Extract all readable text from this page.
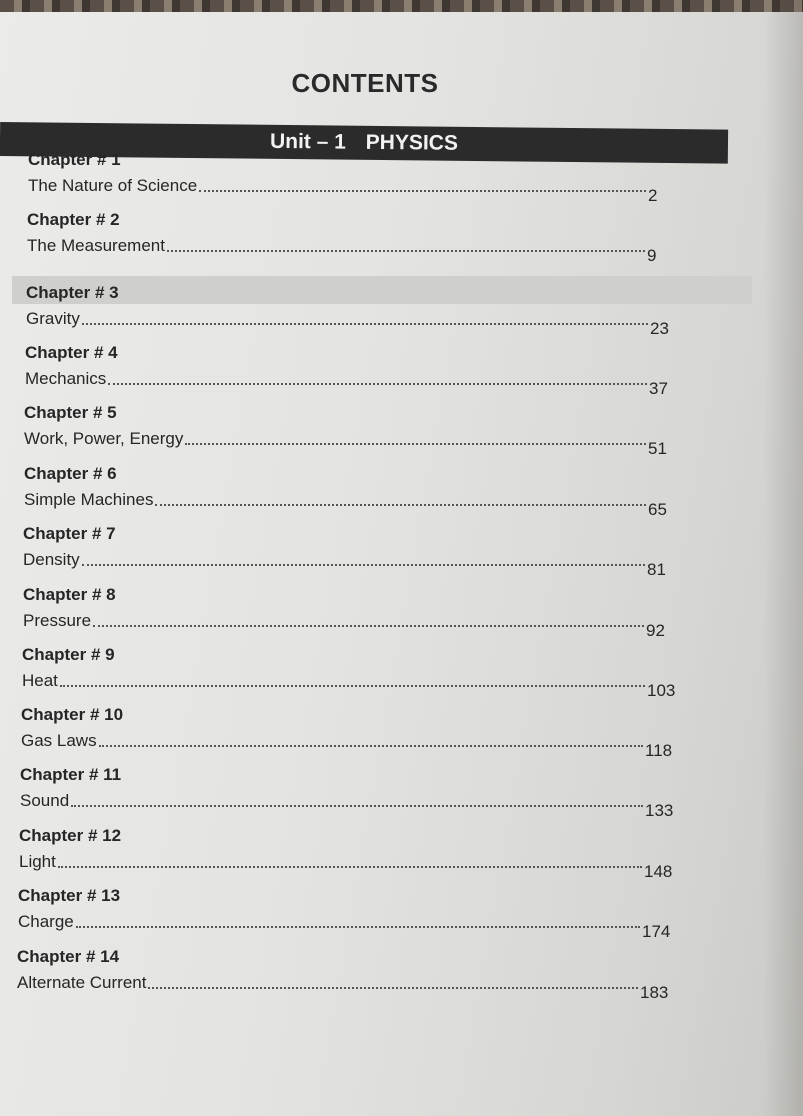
CONTENTS
Unit – 1 PHYSICS
Chapter # 1
The Nature of Science
2
Chapter # 2
The Measurement
9
Chapter # 3
Gravity
23
Chapter # 4
Mechanics
37
Chapter # 5
Work, Power, Energy
51
Chapter # 6
Simple Machines
65
Chapter # 7
Density
81
Chapter # 8
Pressure
92
Chapter # 9
Heat
103
Chapter # 10
Gas Laws
118
Chapter # 11
Sound
133
Chapter # 12
Light
148
Chapter # 13
Charge
174
Chapter # 14
Alternate Current
183
